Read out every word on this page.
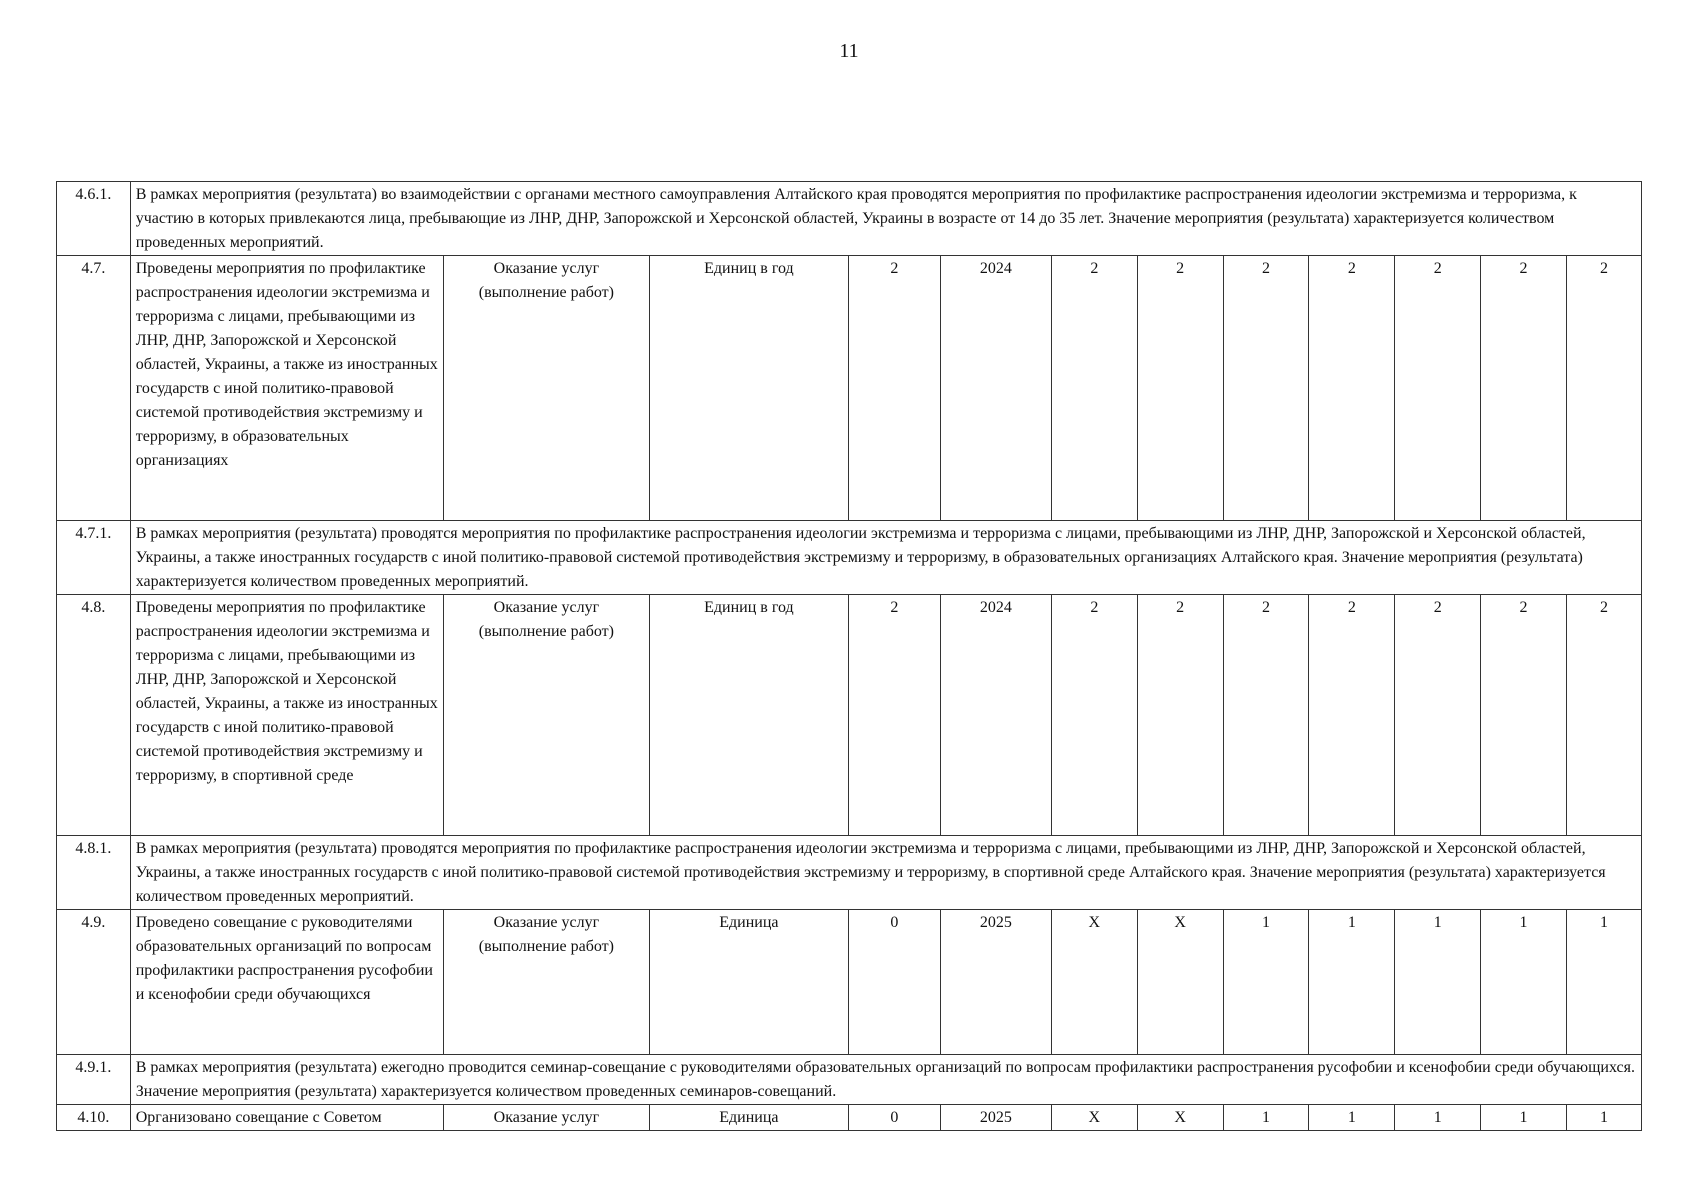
11
4.6.1.	В рамках мероприятия (результата) во взаимодействии с органами местного самоуправления Алтайского края проводятся мероприятия по профилактике распространения идеологии экстремизма и терроризма, к участию в которых привлекаются лица, пребывающие из ЛНР, ДНР, Запорожской и Херсонской областей, Украины в возрасте от 14 до 35 лет. Значение мероприятия (результата) характеризуется количеством проведенных мероприятий.											
4.7.	Проведены мероприятия по профилактике распространения идеологии экстремизма и терроризма с лицами, пребывающими из ЛНР, ДНР, Запорожской и Херсонской областей, Украины, а также из иностранных государств с иной политико-правовой системой противодействия экстремизму и терроризму, в образовательных организациях	Оказание услуг (выполнение работ)	Единиц в год	2	2024	2	2	2	2	2	2	2
4.7.1.	В рамках мероприятия (результата) проводятся мероприятия по профилактике распространения идеологии экстремизма и терроризма с лицами, пребывающими из ЛНР, ДНР, Запорожской и Херсонской областей, Украины, а также иностранных государств с иной политико-правовой системой противодействия экстремизму и терроризму, в образовательных организациях Алтайского края. Значение мероприятия (результата) характеризуется количеством проведенных мероприятий.											
4.8.	Проведены мероприятия по профилактике распространения идеологии экстремизма и терроризма с лицами, пребывающими из ЛНР, ДНР, Запорожской и Херсонской областей, Украины, а также из иностранных государств с иной политико-правовой системой противодействия экстремизму и терроризму, в спортивной среде	Оказание услуг (выполнение работ)	Единиц в год	2	2024	2	2	2	2	2	2	2
4.8.1.	В рамках мероприятия (результата) проводятся мероприятия по профилактике распространения идеологии экстремизма и терроризма с лицами, пребывающими из ЛНР, ДНР, Запорожской и Херсонской областей, Украины, а также иностранных государств с иной политико-правовой системой противодействия экстремизму и терроризму, в спортивной среде Алтайского края. Значение мероприятия (результата) характеризуется количеством проведенных мероприятий.											
4.9.	Проведено совещание с руководителями образовательных организаций по вопросам профилактики распространения русофобии и ксенофобии среди обучающихся	Оказание услуг (выполнение работ)	Единица	0	2025	X	X	1	1	1	1	1
4.9.1.	В рамках мероприятия (результата) ежегодно проводится семинар-совещание с руководителями образовательных организаций по вопросам профилактики распространения русофобии и ксенофобии среди обучающихся. Значение мероприятия (результата) характеризуется количеством проведенных семинаров-совещаний.											
4.10.	Организовано совещание с Советом	Оказание услуг	Единица	0	2025	X	X	1	1	1	1	1
